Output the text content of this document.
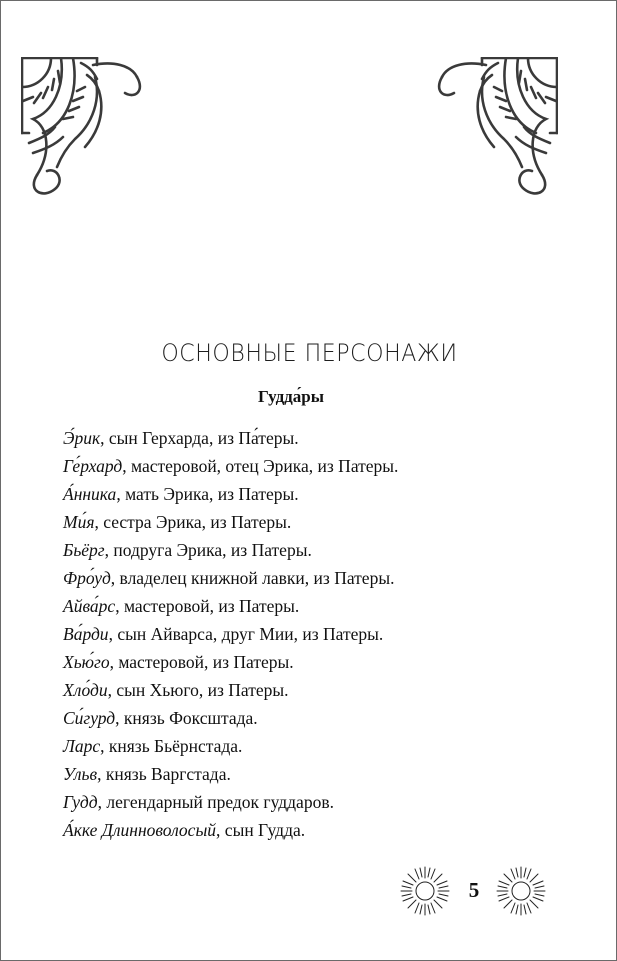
ОСНОВНЫЕ ПЕРСОНАЖИ
Гудда́ры
Э́рик, сын Герхарда, из Па́теры.
Ге́рхард, мастеровой, отец Эрика, из Патеры.
А́нника, мать Эрика, из Патеры.
Ми́я, сестра Эрика, из Патеры.
Бьёрг, подруга Эрика, из Патеры.
Фро́уд, владелец книжной лавки, из Патеры.
Айва́рс, мастеровой, из Патеры.
Ва́рди, сын Айварса, друг Мии, из Патеры.
Хью́го, мастеровой, из Патеры.
Хло́ди, сын Хьюго, из Патеры.
Си́гурд, князь Фоксштада.
Ларс, князь Бьёрнстада.
Ульв, князь Варгстада.
Гудд, легендарный предок гуддаров.
А́кке Длинноволосый, сын Гудда.
5
